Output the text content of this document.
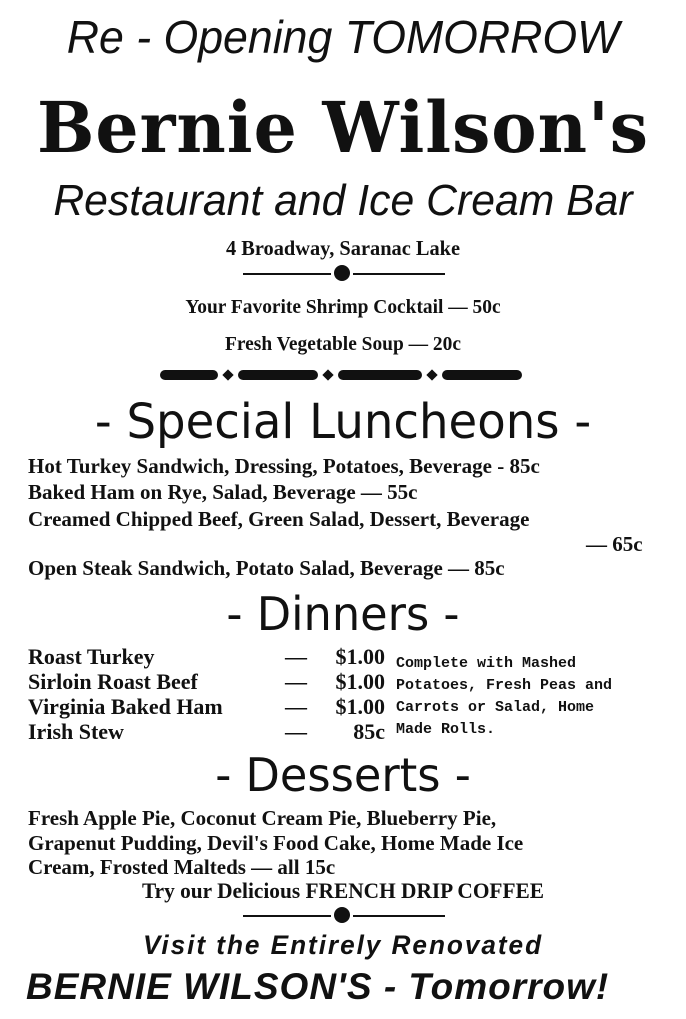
Re - Opening TOMORROW
Bernie Wilson's
Restaurant and Ice Cream Bar
4 Broadway, Saranac Lake
Your Favorite Shrimp Cocktail — 50c
Fresh Vegetable Soup — 20c
- Special Luncheons -
Hot Turkey Sandwich, Dressing, Potatoes, Beverage - 85c
Baked Ham on Rye, Salad, Beverage — 55c
Creamed Chipped Beef, Green Salad, Dessert, Beverage
— 65c
Open Steak Sandwich, Potato Salad, Beverage — 85c
- Dinners -
Roast Turkey	— $1.00
Sirloin Roast Beef	— $1.00
Virginia Baked Ham	— $1.00
Irish Stew	— 85c
Complete with Mashed
Potatoes, Fresh Peas and
Carrots or Salad, Home
Made Rolls.
- Desserts -
Fresh Apple Pie, Coconut Cream Pie, Blueberry Pie,
Grapenut Pudding, Devil's Food Cake, Home Made Ice
Cream, Frosted Malteds — all 15c
Try our Delicious FRENCH DRIP COFFEE
Visit the Entirely Renovated
BERNIE WILSON'S - Tomorrow!
